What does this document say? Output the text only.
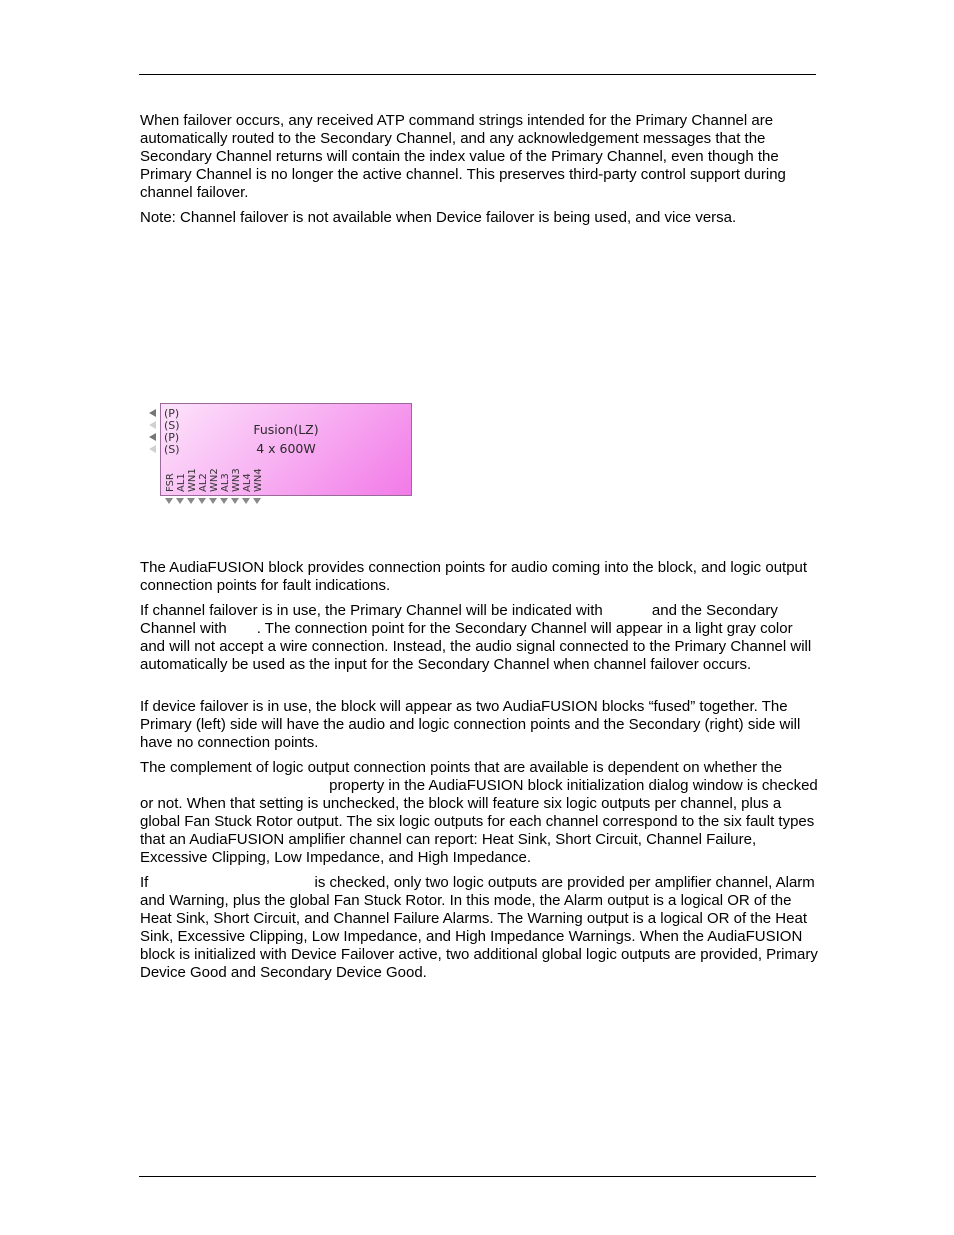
When failover occurs, any received ATP command strings intended for the Primary Channel are automatically routed to the Secondary Channel, and any acknowledgement messages that the Secondary Channel returns will contain the index value of the Primary Channel, even though the Primary Channel is no longer the active channel. This preserves third-party control support during channel failover.

Note: Channel failover is not available when Device failover is being used, and vice versa.

(P)
(S)
(P)
(S)
Fusion(LZ)
4 x 600W
FSR AL1 WN1 AL2 WN2 AL3 WN3 AL4 WN4

The AudiaFUSION block provides connection points for audio coming into the block, and logic output connection points for fault indications.

If channel failover is in use, the Primary Channel will be indicated with	and the Secondary Channel with . The connection point for the Secondary Channel will appear in a light gray color and will not accept a wire connection. Instead, the audio signal connected to the Primary Channel will automatically be used as the input for the Secondary Channel when channel failover occurs.

If device failover is in use, the block will appear as two AudiaFUSION blocks “fused” together. The Primary (left) side will have the audio and logic connection points and the Secondary (right) side will have no connection points.

The complement of logic output connection points that are available is dependent on whether the
property in the AudiaFUSION block initialization dialog window is checked or not. When that setting is unchecked, the block will feature six logic outputs per channel, plus a global Fan Stuck Rotor output. The six logic outputs for each channel correspond to the six fault types that an AudiaFUSION amplifier channel can report: Heat Sink, Short Circuit, Channel Failure, Excessive Clipping, Low Impedance, and High Impedance.

If	is checked, only two logic outputs are provided per amplifier channel, Alarm and Warning, plus the global Fan Stuck Rotor. In this mode, the Alarm output is a logical OR of the Heat Sink, Short Circuit, and Channel Failure Alarms. The Warning output is a logical OR of the Heat Sink, Excessive Clipping, Low Impedance, and High Impedance Warnings. When the AudiaFUSION block is initialized with Device Failover active, two additional global logic outputs are provided, Primary Device Good and Secondary Device Good.
